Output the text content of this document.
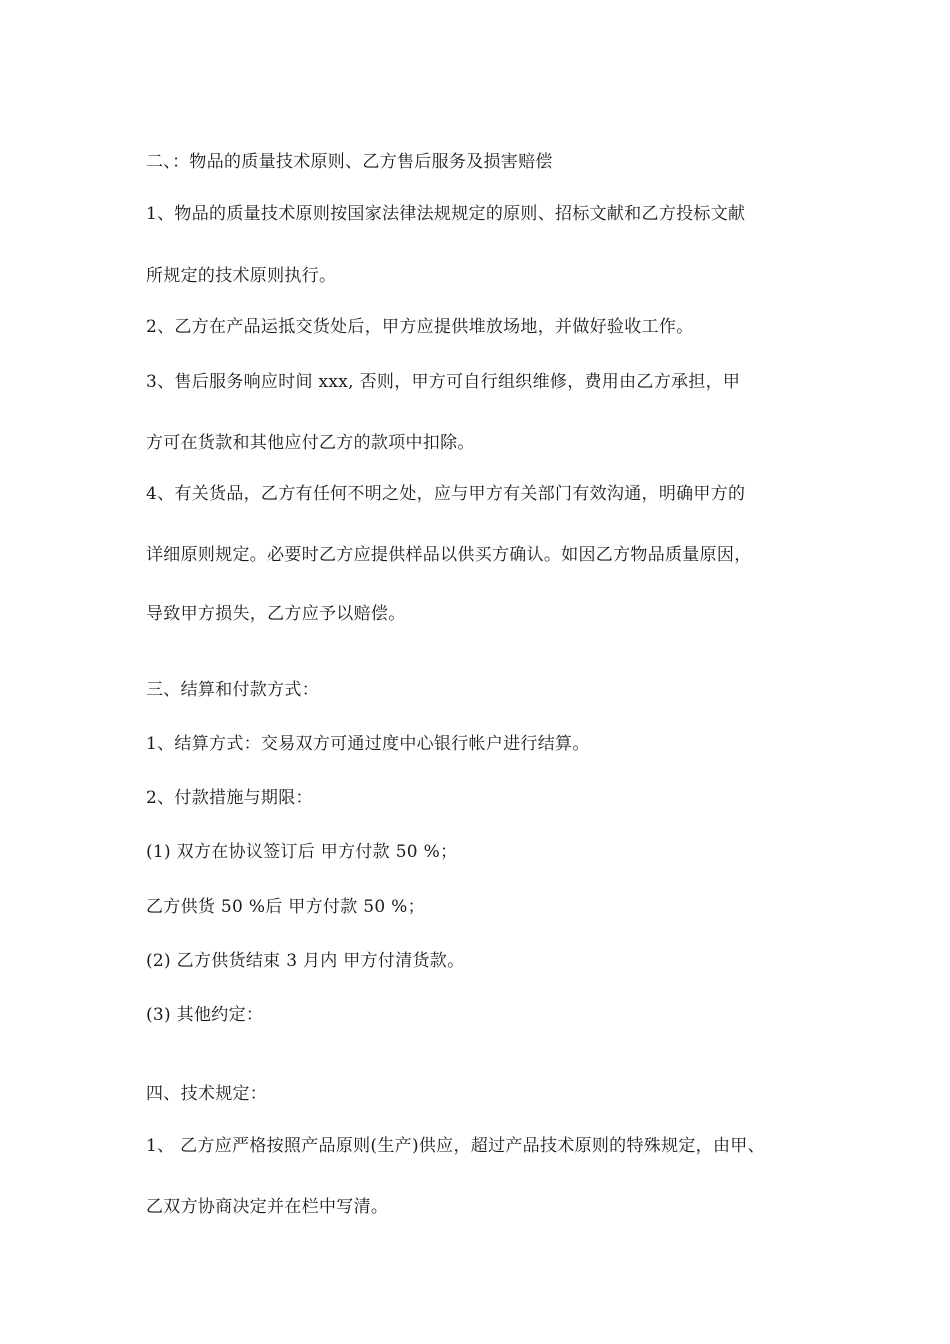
二、：物品的质量技术原则、乙方售后服务及损害赔偿
1、物品的质量技术原则按国家法律法规规定的原则、招标文献和乙方投标文献
所规定的技术原则执行。
2、乙方在产品运抵交货处后，甲方应提供堆放场地，并做好验收工作。
3、售后服务响应时间 xxx, 否则，甲方可自行组织维修，费用由乙方承担，甲
方可在货款和其他应付乙方的款项中扣除。
4、有关货品，乙方有任何不明之处，应与甲方有关部门有效沟通，明确甲方的
详细原则规定。必要时乙方应提供样品以供买方确认。如因乙方物品质量原因，
导致甲方损失，乙方应予以赔偿。
三、结算和付款方式：
1、结算方式：交易双方可通过度中心银行帐户进行结算。
2、付款措施与期限：
(1) 双方在协议签订后 甲方付款 50 %；
乙方供货 50 %后 甲方付款 50 %；
(2) 乙方供货结束 3 月内 甲方付清货款。
(3) 其他约定：
四、技术规定：
1、 乙方应严格按照产品原则(生产)供应，超过产品技术原则的特殊规定，由甲、
乙双方协商决定并在栏中写清。
